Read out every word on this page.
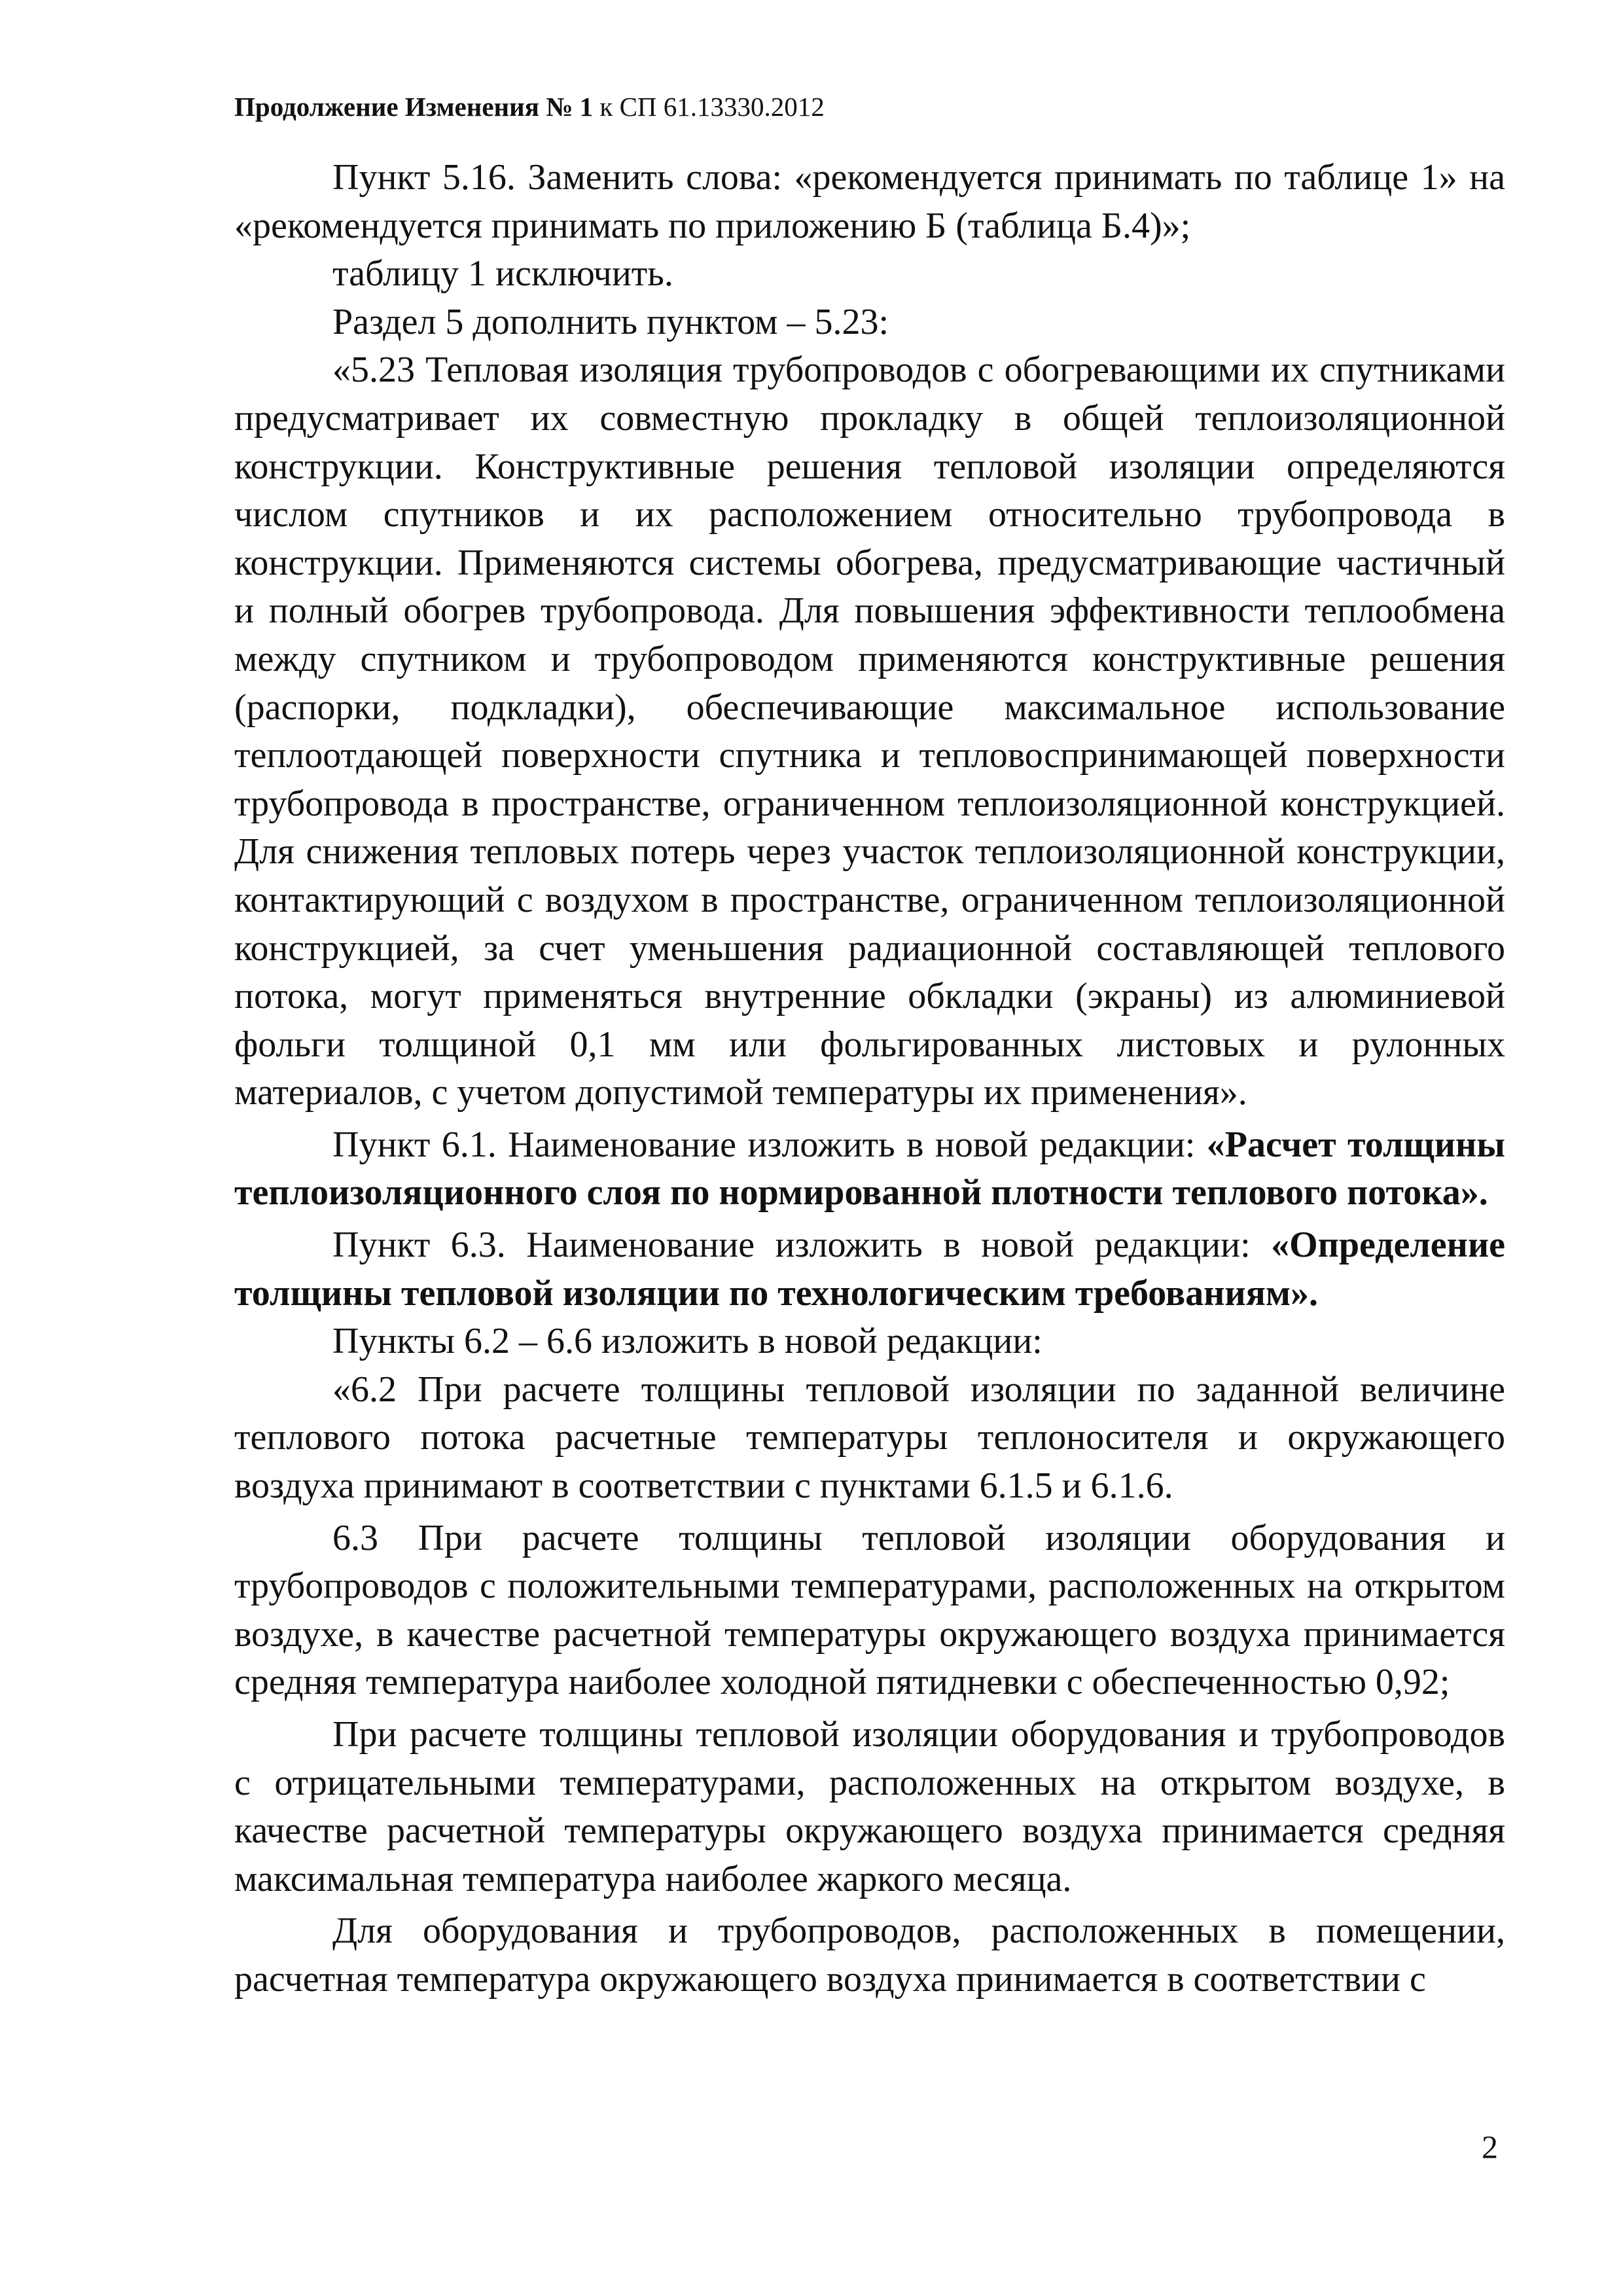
Продолжение Изменения № 1 к СП 61.13330.2012

Пункт 5.16. Заменить слова: «рекомендуется принимать по таблице 1» на «рекомендуется принимать по приложению Б (таблица Б.4)»;

таблицу 1 исключить.

Раздел 5 дополнить пунктом – 5.23:

«5.23 Тепловая изоляция трубопроводов с обогревающими их спутниками предусматривает их совместную прокладку в общей теплоизоляционной конструкции. Конструктивные решения тепловой изоляции определяются числом спутников и их расположением относительно трубопровода в конструкции. Применяются системы обогрева, предусматривающие частичный и полный обогрев трубопровода. Для повышения эффективности теплообмена между спутником и трубопроводом применяются конструктивные решения (распорки, подкладки), обеспечивающие максимальное использование теплоотдающей поверхности спутника и тепловоспринимающей поверхности трубопровода в пространстве, ограниченном теплоизоляционной конструкцией. Для снижения тепловых потерь через участок теплоизоляционной конструкции, контактирующий с воздухом в пространстве, ограниченном теплоизоляционной конструкцией, за счет уменьшения радиационной составляющей теплового потока, могут применяться внутренние обкладки (экраны) из алюминиевой фольги толщиной 0,1 мм или фольгированных листовых и рулонных материалов, с учетом допустимой температуры их применения».

Пункт 6.1. Наименование изложить в новой редакции: «Расчет толщины теплоизоляционного слоя по нормированной плотности теплового потока».

Пункт 6.3. Наименование изложить в новой редакции: «Определение толщины тепловой изоляции по технологическим требованиям».

Пункты 6.2 – 6.6 изложить в новой редакции:

«6.2 При расчете толщины тепловой изоляции по заданной величине теплового потока расчетные температуры теплоносителя и окружающего воздуха принимают в соответствии с пунктами 6.1.5 и 6.1.6.

6.3 При расчете толщины тепловой изоляции оборудования и трубопроводов с положительными температурами, расположенных на открытом воздухе, в качестве расчетной температуры окружающего воздуха принимается средняя температура наиболее холодной пятидневки с обеспеченностью 0,92;

При расчете толщины тепловой изоляции оборудования и трубопроводов с отрицательными температурами, расположенных на открытом воздухе, в качестве расчетной температуры окружающего воздуха принимается средняя максимальная температура наиболее жаркого месяца.

Для оборудования и трубопроводов, расположенных в помещении, расчетная температура окружающего воздуха принимается в соответствии с

2
